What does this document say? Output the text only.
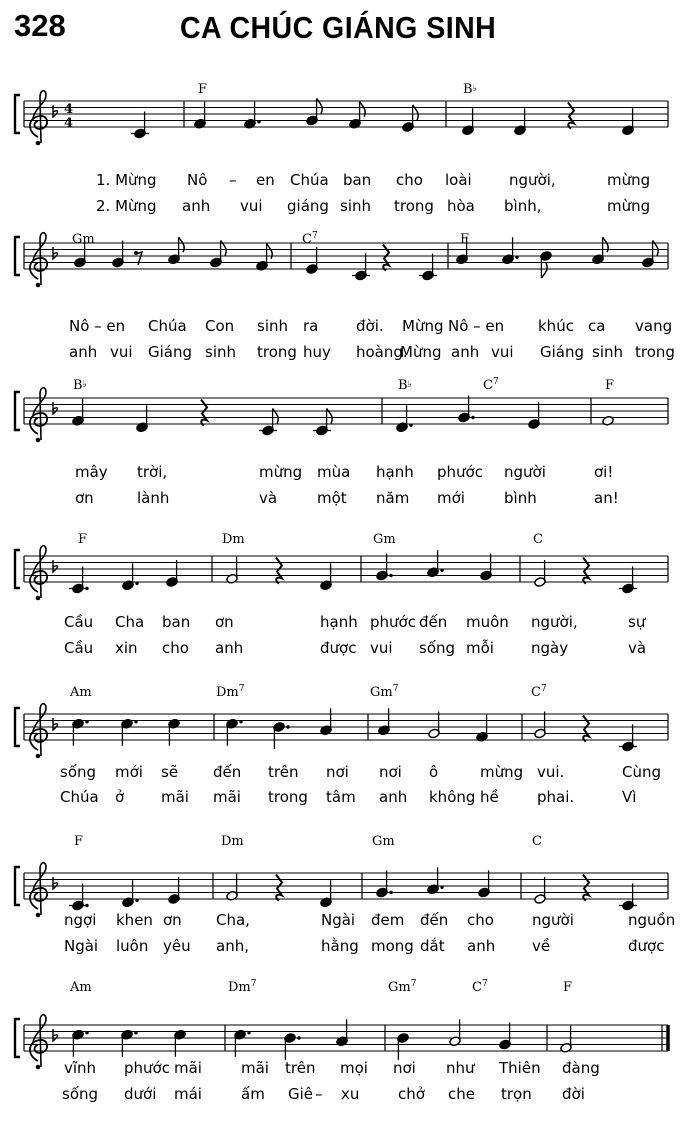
328	CA CHÚC GIÁNG SINH
4
4
F	B♭
1. Mừng Nô – en Chúa ban cho loài người,	mừng
2. Mừng anh vui giáng sinh trong hòa bình,	mừng
Gm	$C^7$	F
Nô – en Chúa Con sinh ra	đời. Mừng Nô – en khúc ca vang
anh vui Giáng sinh trong huy hoàng.
Mừng anh vui Giáng sinh trong
B♭	B♭	$C^7$	F
mây trời,	mừng mùa hạnh phước người	ơi!
ơn	lành	và	một năm mới	bình	an!
F	Dm	Gm	C
Cầu Cha ban ơn	hạnh phước đến muôn người,	sự
Cầu xin cho anh	được vui sống mỗi ngày	và
Am	Dm$^7$	Gm$^7$	$C^7$
sống mới sẽ đến trên nơi nơi ô	mừng vui.	Cùng
Chúa ở mãi mãi trong tâm anh không hề	phai.	Vì
F	Dm	Gm	C
ngợi khen ơn Cha,	Ngài đem đến cho	người	nguồn
Ngài luôn yêu anh,	hằng mong dắt anh về	được
Am	Dm$^7$	Gm$^7$	$C^7$	F
vĩnh phước mãi	mãi trên mọi nơi như Thiên đàng
sống dưới mái	ấm Giê – xu	chở che trọn đời
